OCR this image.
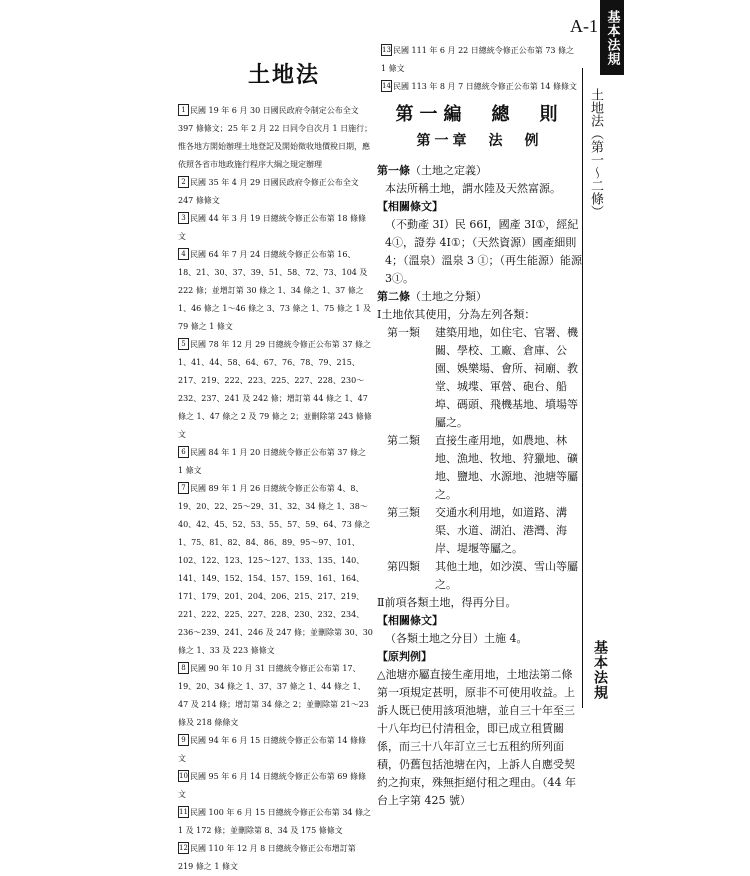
A-1 基本法規
土地法（第一〜二條）
基本法規
土地法
1 民國 19 年 6 月 30 日國民政府令制定公布全文 397 條條文；25 年 2 月 22 日同令自次月 1 日施行；惟各地方開始辦理土地登記及開始徵收地價稅日期，應依照各省市地政施行程序大綱之規定辦理
2 民國 35 年 4 月 29 日國民政府令修正公布全文 247 條條文
3 民國 44 年 3 月 19 日總統令修正公布第 18 條條文
4 民國 64 年 7 月 24 日總統令修正公布第 16、18、21、30、37、39、51、58、72、73、104 及 222 條；並增訂第 30 條之 1、34 條之 1、37 條之 1、46 條之 1〜46 條之 3、73 條之 1、75 條之 1 及 79 條之 1 條文
5 民國 78 年 12 月 29 日總統令修正公布第 37 條之 1、41、44、58、64、67、76、78、79、215、217、219、222、223、225、227、228、230〜232、237、241 及 242 條；增訂第 44 條之 1、47 條之 1、47 條之 2 及 79 條之 2；並刪除第 243 條條文
6 民國 84 年 1 月 20 日總統令修正公布第 37 條之 1 條文
7 民國 89 年 1 月 26 日總統令修正公布第 4、8、19、20、22、25〜29、31、32、34 條之 1、38〜40、42、45、52、53、55、57、59、64、73 條之 1、75、81、82、84、86、89、95〜97、101、102、122、123、125〜127、133、135、140、141、149、152、154、157、159、161、164、171、179、201、204、206、215、217、219、221、222、225、227、228、230、232、234、236〜239、241、246 及 247 條；並刪除第 30、30 條之 1、33 及 223 條條文
8 民國 90 年 10 月 31 日總統令修正公布第 17、19、20、34 條之 1、37、37 條之 1、44 條之 1、47 及 214 條；增訂第 34 條之 2；並刪除第 21〜23 條及 218 條條文
9 民國 94 年 6 月 15 日總統令修正公布第 14 條條文
10 民國 95 年 6 月 14 日總統令修正公布第 69 條條文
11 民國 100 年 6 月 15 日總統令修正公布第 34 條之 1 及 172 條；並刪除第 8、34 及 175 條條文
12 民國 110 年 12 月 8 日總統令修正公布增訂第 219 條之 1 條文
13 民國 111 年 6 月 22 日總統令修正公布第 73 條之 1 條文
14 民國 113 年 8 月 7 日總統令修正公布第 14 條條文
第一編　總　則
第一章　法　例
第一條（土地之定義）

本法所稱土地，謂水陸及天然富源。

【相關條文】

（不動產 3Ⅰ）民 66Ⅰ，國產 3Ⅰ①，經紀 4①，證券 4Ⅰ①；（天然資源）國產細則 4；（溫泉）溫泉 3 ①；（再生能源）能源 3①。

第二條（土地之分類）

Ⅰ土地依其使用，分為左列各類：

第一類	建築用地，如住宅、官署、機關、學校、工廠、倉庫、公園、娛樂場、會所、祠廟、教堂、城堞、軍營、砲台、船埠、碼頭、飛機基地、墳場等屬之。
第二類	直接生產用地，如農地、林地、漁地、牧地、狩獵地、礦地、鹽地、水源地、池塘等屬之。
第三類	交通水利用地，如道路、溝渠、水道、湖泊、港灣、海岸、堤堰等屬之。
第四類	其他土地，如沙漠、雪山等屬之。

Ⅱ前項各類土地，得再分目。

【相關條文】

（各類土地之分目）土施 4。

【原判例】

△池塘亦屬直接生產用地，土地法第二條第一項規定甚明，原非不可使用收益。上訴人既已使用該項池塘，並自三十年至三十八年均已付清租金，即已成立租賃關係，而三十八年訂立三七五租約所列面積，仍舊包括池塘在內，上訴人自應受契約之拘束，殊無拒絕付租之理由。（44 年台上字第 425 號）
